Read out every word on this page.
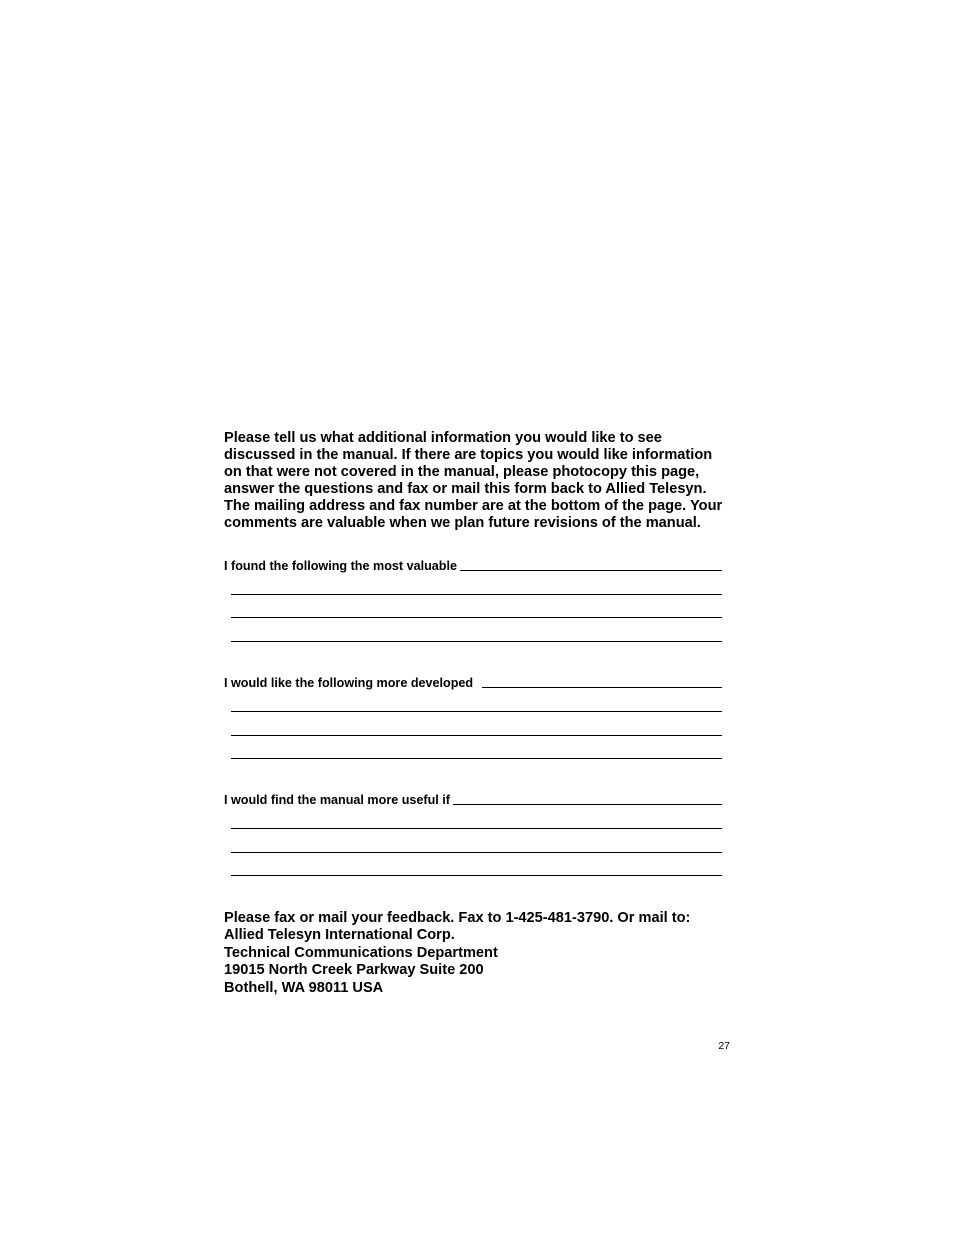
Please tell us what additional information you would like to see discussed in the manual. If there are topics you would like information on that were not covered in the manual, please photocopy this page, answer the questions and fax or mail this form back to Allied Telesyn. The mailing address and fax number are at the bottom of the page. Your comments are valuable when we plan future revisions of the manual.

I found the following the most valuable
I would like the following more developed
I would find the manual more useful if
Please fax or mail your feedback. Fax to 1-425-481-3790. Or mail to:
Allied Telesyn International Corp.
Technical Communications Department
19015 North Creek Parkway Suite 200
Bothell, WA 98011 USA
27
